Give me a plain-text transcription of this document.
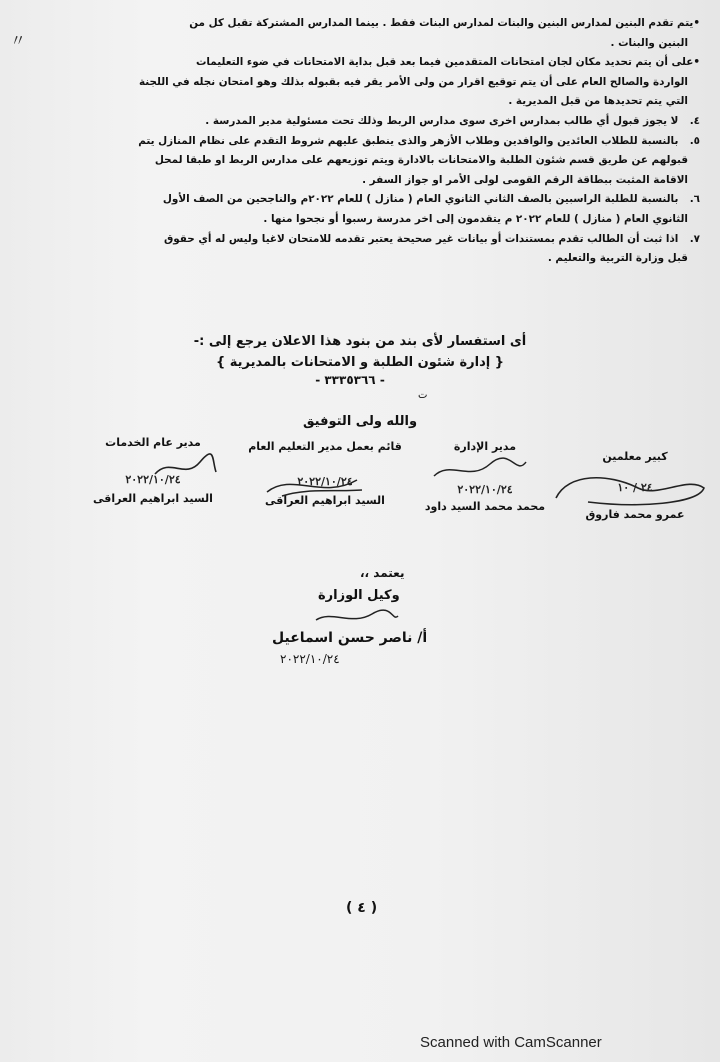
〃
• يتم تقدم البنين لمدارس البنين والبنات لمدارس البنات فقط . بينما المدارس المشتركة تقبل كل من
البنين والبنات .
• على أن يتم تحديد مكان لجان امتحانات المتقدمين فيما بعد قبل بداية الامتحانات في ضوء التعليمات
الواردة والصالح العام على أن يتم توقيع اقرار من ولى الأمر يقر فيه بقبوله بذلك وهو امتحان نجله في اللجنة
التي يتم تحديدها من قبل المديرية .
٤. لا يجوز قبول أي طالب بمدارس اخرى سوى مدارس الربط وذلك تحت مسئولية مدير المدرسة .
٥. بالنسبة للطلاب العائدين والوافدين وطلاب الأزهر والذى ينطبق عليهم شروط التقدم على نظام المنازل يتم
قبولهم عن طريق قسم شئون الطلبة والامتحانات بالادارة ويتم توزيعهم على مدارس الربط او طبقا لمحل
الاقامة المثبت ببطاقة الرقم القومى لولى الأمر او جواز السفر .
٦. بالنسبة للطلبة الراسبين بالصف الثاني الثانوي العام ( منازل ) للعام ٢٠٢٢م والناجحين من الصف الأول
الثانوي العام ( منازل ) للعام ٢٠٢٢ م يتقدمون إلى اخر مدرسة رسبوا أو نجحوا منها .
٧. اذا ثبت أن الطالب تقدم بمستندات أو بيانات غير صحيحة يعتبر تقدمه للامتحان لاغيا وليس له أي حقوق
قبل وزارة التربية والتعليم .
أى استفسار لأى بند من بنود هذا الاعلان يرجع إلى :-
{ إدارة شئون الطلبة و الامتحانات بالمديرية }
- ٣٣٣٥٣٦٦ -
ت
والله ولى التوفيق
مدير عام الخدمات
٢٠٢٢/١٠/٢٤
السيد ابراهيم العراقى
قائم بعمل مدير التعليم العام
٢٠٢٢/١٠/٢٤
السيد ابراهيم العراقى
مدير الإدارة
٢٠٢٢/١٠/٢٤
محمد محمد السيد داود
كبير معلمين
٢٤ / ١٠
عمرو محمد فاروق
يعتمد ،،
وكيل الوزارة
أ/ ناصر حسن اسماعيل
٢٠٢٢/١٠/٢٤
( ٤ )
Scanned with CamScanner
